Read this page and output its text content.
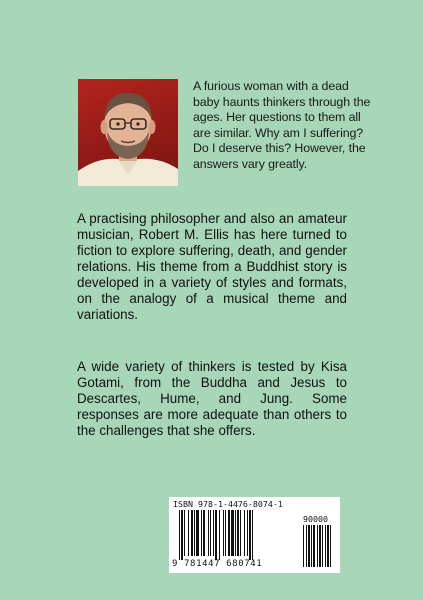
A furious woman with a dead baby haunts thinkers through the ages. Her questions to them all are similar. Why am I suffering? Do I deserve this? However, the answers vary greatly.

A practising philosopher and also an amateur musician, Robert M. Ellis has here turned to fiction to explore suffering, death, and gender relations. His theme from a Buddhist story is developed in a variety of styles and formats, on the analogy of a musical theme and variations.

A wide variety of thinkers is tested by Kisa Gotami, from the Buddha and Jesus to Descartes, Hume, and Jung. Some responses are more adequate than others to the challenges that she offers.

ISBN 978-1-4476-8074-1
90000
9 781447 680741
